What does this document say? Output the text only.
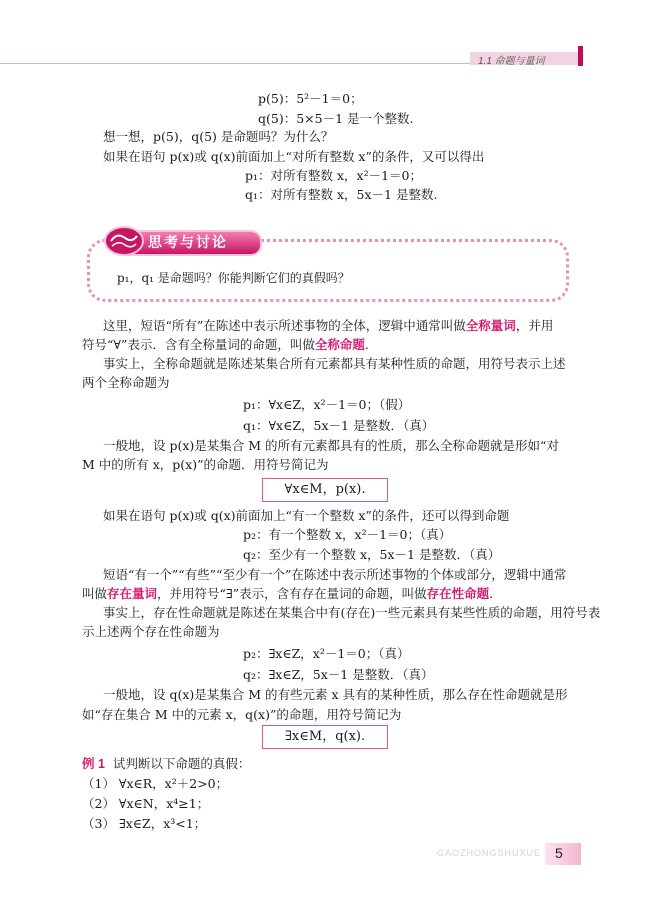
1.1 命题与量词
p(5)：5²－1＝0；
q(5)：5×5－1 是一个整数.
想一想，p(5)，q(5) 是命题吗？为什么？
如果在语句 p(x)或 q(x)前面加上“对所有整数 x”的条件，又可以得出
p₁：对所有整数 x，x²－1＝0；
q₁：对所有整数 x，5x－1 是整数.
思考与讨论
p₁，q₁ 是命题吗？你能判断它们的真假吗？
这里，短语“所有”在陈述中表示所述事物的全体，逻辑中通常叫做全称量词，并用
符号“∀”表示．含有全称量词的命题，叫做全称命题.
事实上，全称命题就是陈述某集合所有元素都具有某种性质的命题，用符号表示上述
两个全称命题为
p₁：∀x∈Z，x²－1＝0；（假）
q₁：∀x∈Z，5x－1 是整数．（真）
一般地，设 p(x)是某集合 M 的所有元素都具有的性质，那么全称命题就是形如“对
M 中的所有 x，p(x)”的命题．用符号简记为
∀x∈M，p(x).
如果在语句 p(x)或 q(x)前面加上“有一个整数 x”的条件，还可以得到命题
p₂：有一个整数 x，x²－1＝0；（真）
q₂：至少有一个整数 x，5x－1 是整数．（真）
短语“有一个”“有些”“至少有一个”在陈述中表示所述事物的个体或部分，逻辑中通常
叫做存在量词，并用符号“∃”表示，含有存在量词的命题，叫做存在性命题.
事实上，存在性命题就是陈述在某集合中有(存在)一些元素具有某些性质的命题，用符号表
示上述两个存在性命题为
p₂：∃x∈Z，x²－1＝0；（真）
q₂：∃x∈Z，5x－1 是整数．（真）
一般地，设 q(x)是某集合 M 的有些元素 x 具有的某种性质，那么存在性命题就是形
如“存在集合 M 中的元素 x，q(x)”的命题，用符号简记为
∃x∈M，q(x).
例 1 试判断以下命题的真假：
（1） ∀x∈R，x²＋2>0；
（2） ∀x∈N，x⁴≥1；
（3） ∃x∈Z，x³<1；
GAOZHONGSHUXUE 5
